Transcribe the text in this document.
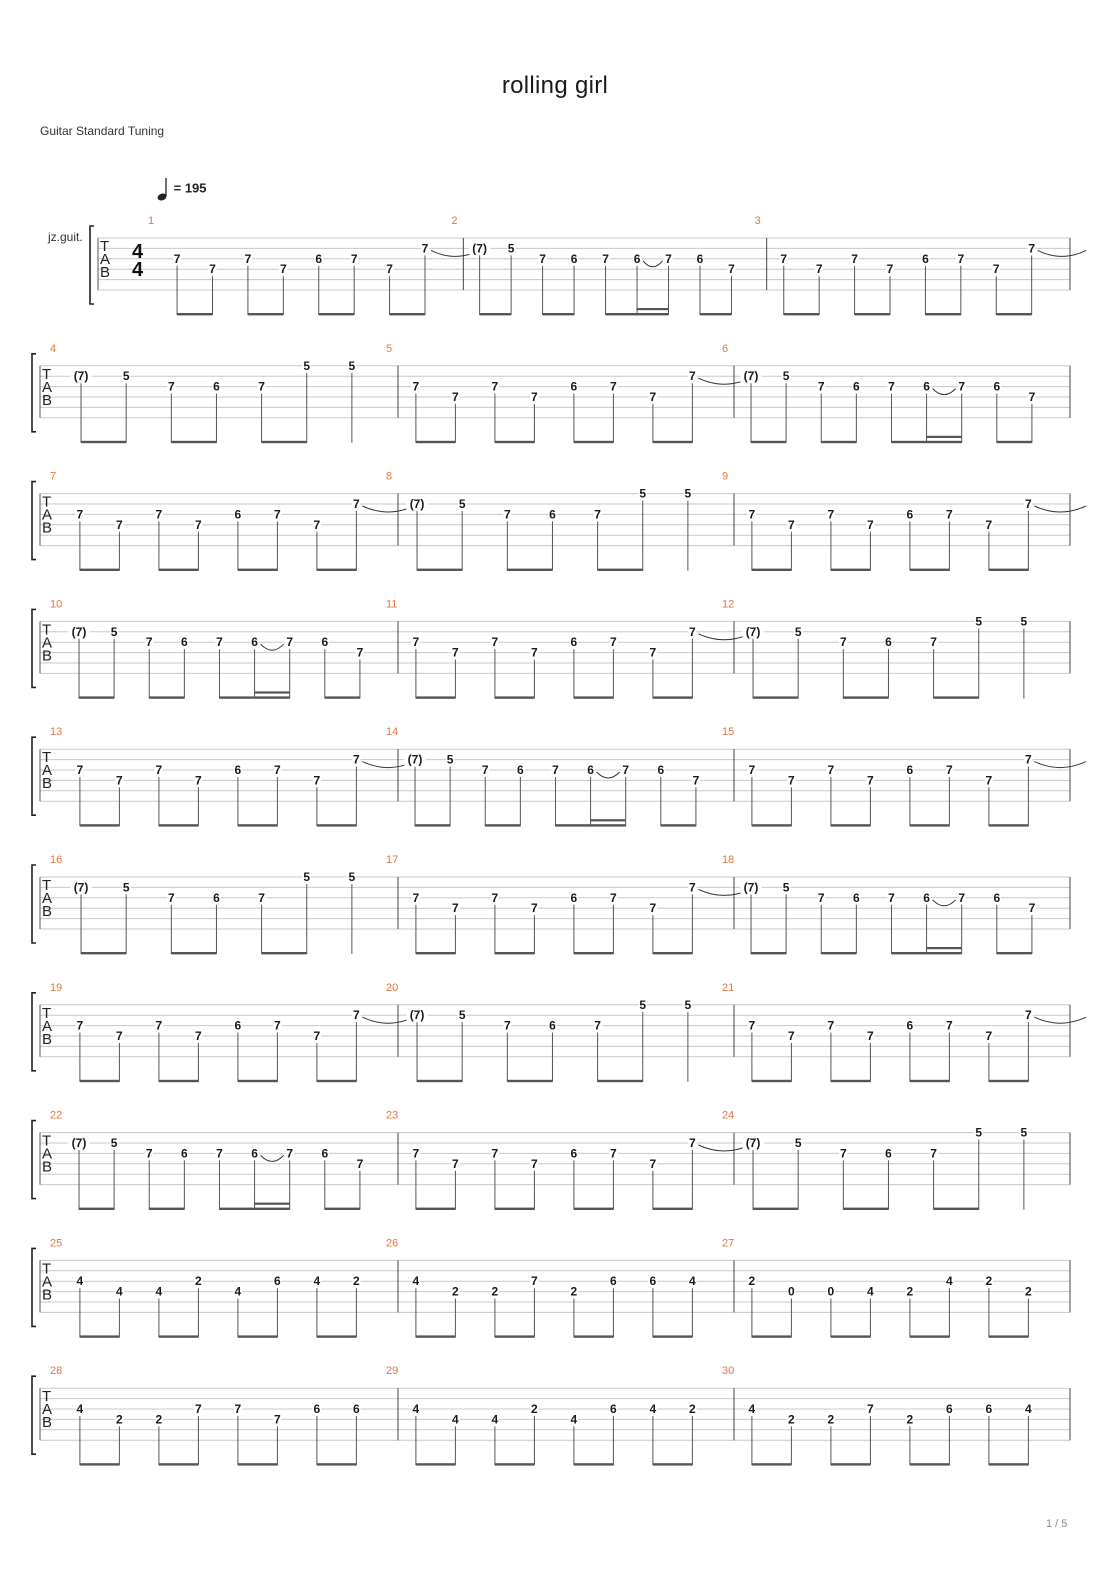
rolling girl
Guitar Standard Tuning
= 195
jz.guit.
T
A
B
4
4
1
7
7
7
7
6 7
7
7
2
(7) 5
7 6 7 6 7 6
7
3
7
7
7
7
6 7
7
7
T
A
B
4
(7)	5
7	6	7
5	5
5
7
7
7
7
6	7
7
7
6
(7) 5
7 6 7 6 7 6
7
T
A
B
7
7
7
7
7
6	7
7
7
8
(7)	5
7	6	7
5	5
9
7
7
7
7
6	7
7
7
T
A
B
10
(7) 5
7 6 7 6 7 6
7
11
7
7
7
7
6	7
7
7
12
(7)	5
7	6	7
5	5
T
A
B
13
7
7
7
7
6	7
7
7
14
(7) 5
7 6 7 6 7 6
7
15
7
7
7
7
6	7
7
7
T
A
B
16
(7)	5
7	6	7
5	5
17
7
7
7
7
6	7
7
7
18
(7) 5
7 6 7 6 7 6
7
T
A
B
19
7
7
7
7
6	7
7
7
20
(7)	5
7	6	7
5	5
21
7
7
7
7
6	7
7
7
T
A
B
22
(7) 5
7 6 7 6 7 6
7
23
7
7
7
7
6	7
7
7
24
(7)	5
7	6	7
5	5
T
A
B
25
4
4	4
2
4
6	4	2
26
4
2	2
7
2
6	6	4
27
2
0	0	4	2
4	2
2
T
A
B
28
4
2	2
7	7
7
6	6
29
4
4	4
2
4
6	4	2
30
4
2	2
7
2
6	6	4
1 / 5
